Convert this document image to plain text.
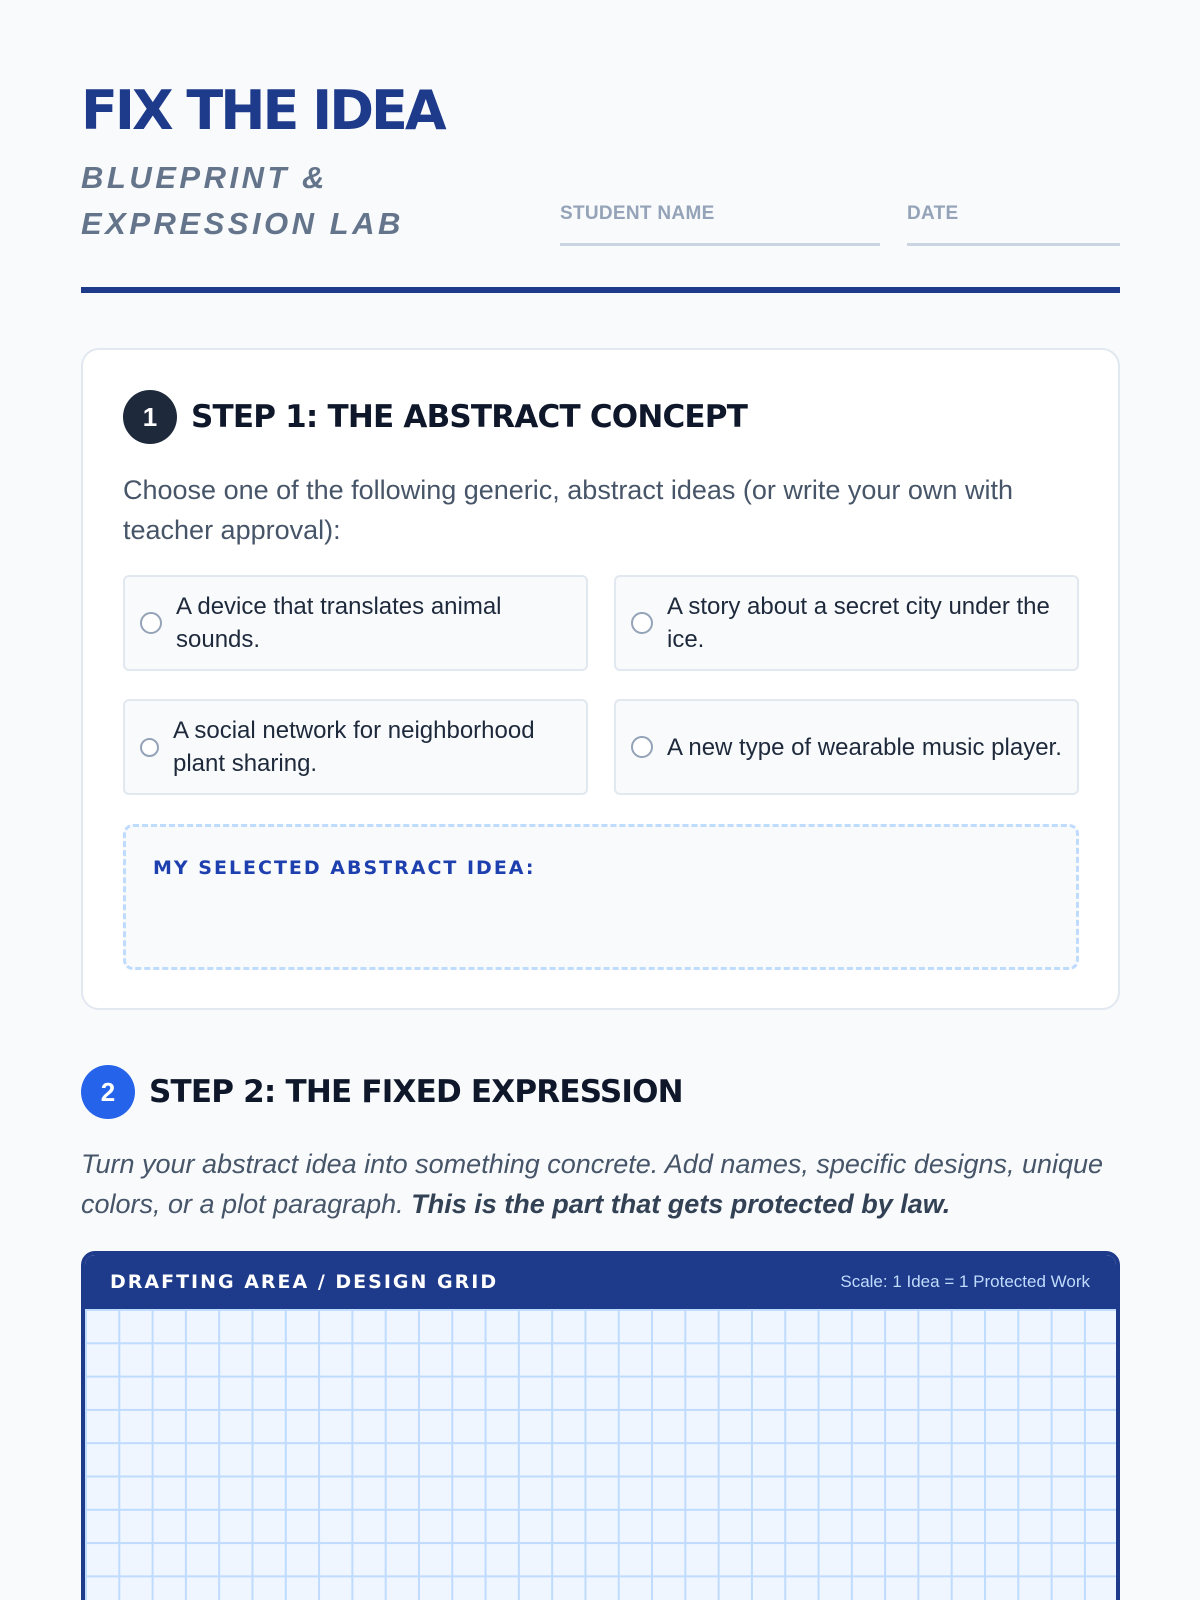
FIX THE IDEA
BLUEPRINT & EXPRESSION LAB	STUDENT NAME	DATE
1	STEP 1: THE ABSTRACT CONCEPT
Choose one of the following generic, abstract ideas (or write your own with teacher approval):
A device that translates animal sounds.
A story about a secret city under the ice.
A social network for neighborhood plant sharing.
A new type of wearable music player.
MY SELECTED ABSTRACT IDEA:
2	STEP 2: THE FIXED EXPRESSION
Turn your abstract idea into something concrete. Add names, specific designs, unique colors, or a plot paragraph. This is the part that gets protected by law.
DRAFTING AREA / DESIGN GRID	Scale: 1 Idea = 1 Protected Work
